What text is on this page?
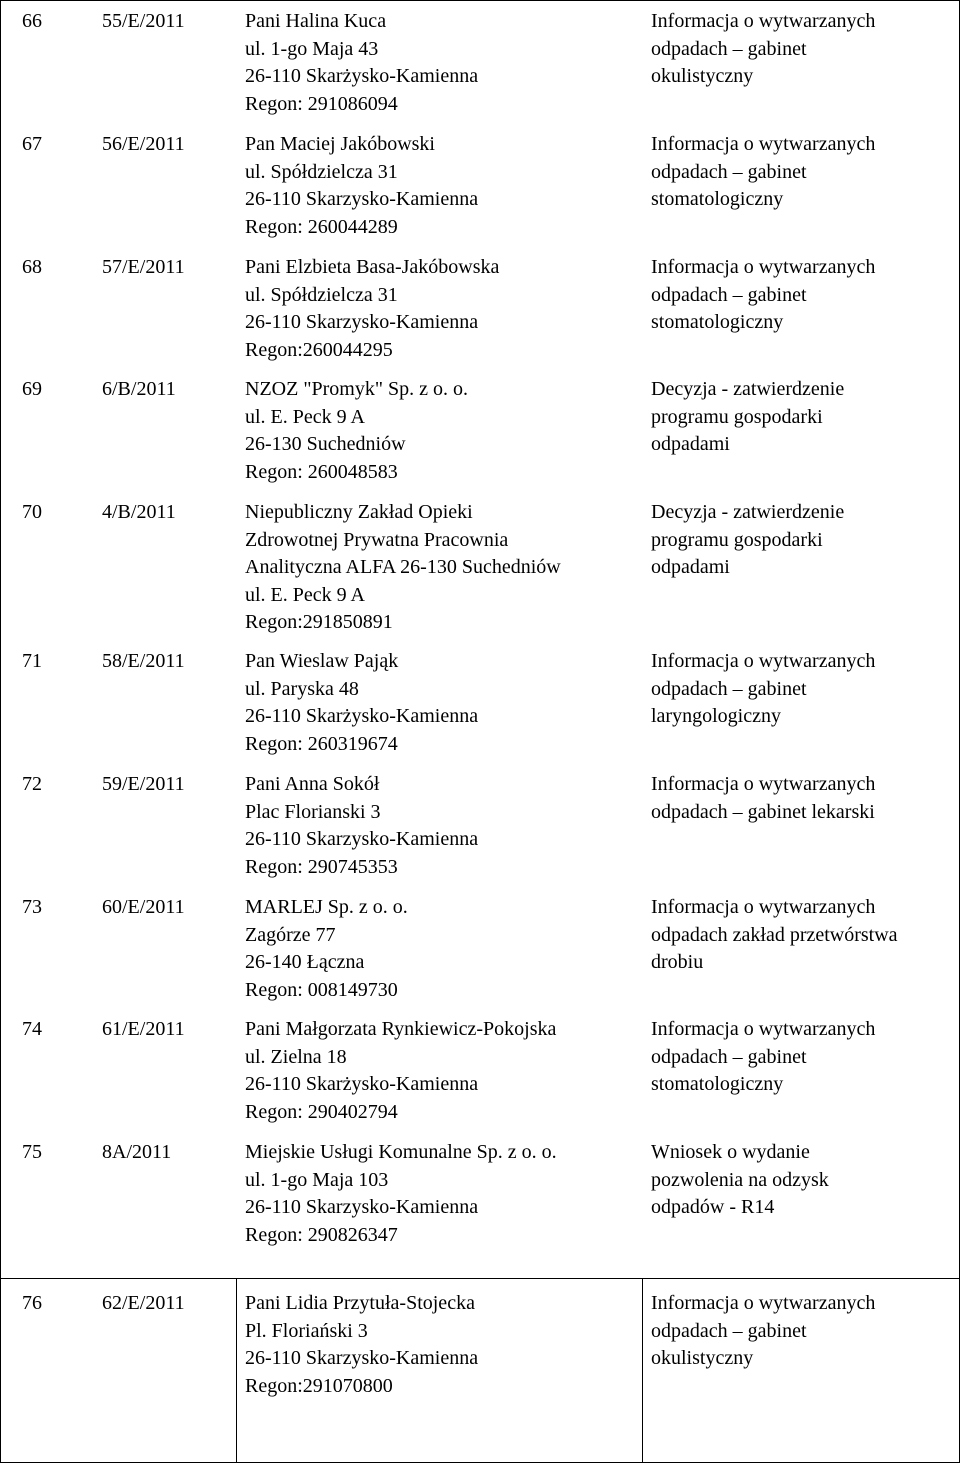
66	55/E/2011	Pani Halina Kuca
ul. 1-go Maja 43
26-110 Skarżysko-Kamienna
Regon: 291086094
Informacja o wytwarzanych
odpadach – gabinet
okulistyczny
67	56/E/2011	Pan Maciej Jakóbowski
ul. Spółdzielcza 31
26-110 Skarzysko-Kamienna
Regon: 260044289
Informacja o wytwarzanych
odpadach – gabinet
stomatologiczny
68	57/E/2011	Pani Elzbieta Basa-Jakóbowska
ul. Spółdzielcza 31
26-110 Skarzysko-Kamienna
Regon:260044295
Informacja o wytwarzanych
odpadach – gabinet
stomatologiczny
69	6/B/2011	NZOZ "Promyk" Sp. z o. o.
ul. E. Peck 9 A
26-130 Suchedniów
Regon: 260048583
Decyzja - zatwierdzenie
programu gospodarki
odpadami
70	4/B/2011	Niepubliczny Zakład Opieki
Zdrowotnej Prywatna Pracownia
Analityczna ALFA 26-130 Suchedniów
ul. E. Peck 9 A
Regon:291850891
Decyzja - zatwierdzenie
programu gospodarki
odpadami
71	58/E/2011	Pan Wieslaw Pająk
ul. Paryska 48
26-110 Skarżysko-Kamienna
Regon: 260319674
Informacja o wytwarzanych
odpadach – gabinet
laryngologiczny
72	59/E/2011	Pani Anna Sokół
Plac Florianski 3
26-110 Skarzysko-Kamienna
Regon: 290745353
Informacja o wytwarzanych
odpadach – gabinet lekarski
73	60/E/2011	MARLEJ Sp. z o. o.
Zagórze 77
26-140 Łączna
Regon: 008149730
Informacja o wytwarzanych
odpadach zakład przetwórstwa
drobiu
74	61/E/2011	Pani Małgorzata Rynkiewicz-Pokojska
ul. Zielna 18
26-110 Skarżysko-Kamienna
Regon: 290402794
Informacja o wytwarzanych
odpadach – gabinet
stomatologiczny
75	8A/2011	Miejskie Usługi Komunalne Sp. z o. o.
ul. 1-go Maja 103
26-110 Skarzysko-Kamienna
Regon: 290826347
Wniosek o wydanie
pozwolenia na odzysk
odpadów - R14
76	62/E/2011	Pani Lidia Przytuła-Stojecka
Pl. Floriański 3
26-110 Skarzysko-Kamienna
Regon:291070800
Informacja o wytwarzanych
odpadach – gabinet
okulistyczny
